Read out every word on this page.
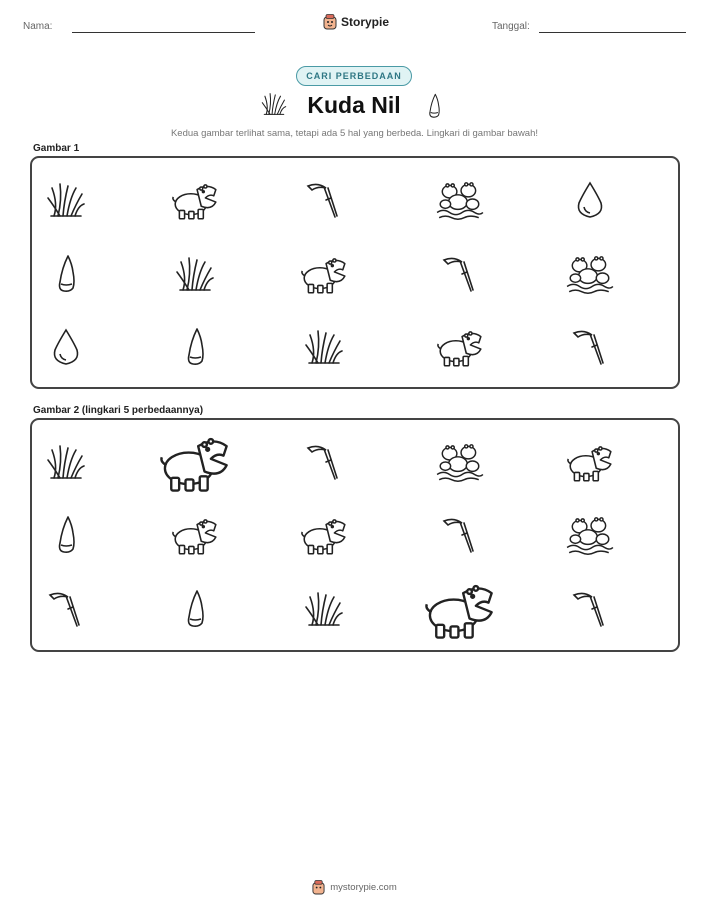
Nama:	Storypie	Tanggal:
CARI PERBEDAAN
Kuda Nil
Kedua gambar terlihat sama, tetapi ada 5 hal yang berbeda. Lingkari di gambar bawah!
Gambar 1
Gambar 2 (lingkari 5 perbedaannya)
mystorypie.com
